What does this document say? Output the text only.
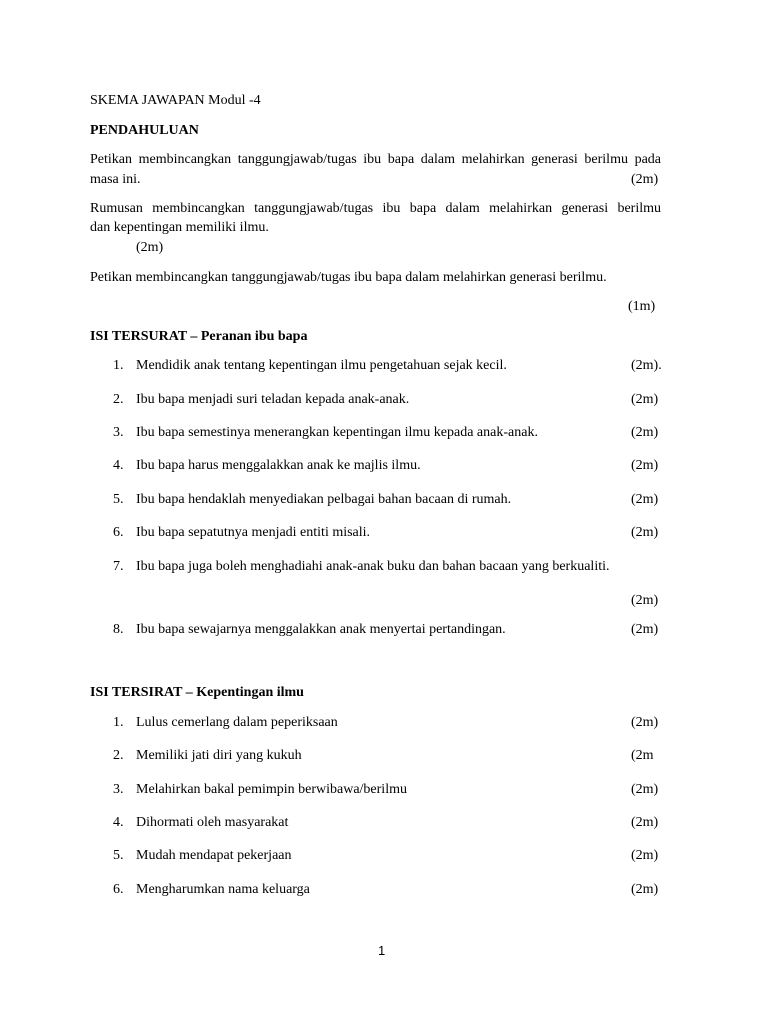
SKEMA JAWAPAN Modul -4
PENDAHULUAN
Petikan membincangkan tanggungjawab/tugas ibu bapa dalam melahirkan generasi berilmu pada
masa ini.	(2m)
Rumusan membincangkan tanggungjawab/tugas ibu bapa dalam melahirkan generasi berilmu
dan kepentingan memiliki ilmu.
(2m)
Petikan membincangkan tanggungjawab/tugas ibu bapa dalam melahirkan generasi berilmu.
(1m)
ISI TERSURAT – Peranan ibu bapa
1. Mendidik anak tentang kepentingan ilmu pengetahuan sejak kecil.	(2m).
2. Ibu bapa menjadi suri teladan kepada anak-anak.	(2m)
3. Ibu bapa semestinya menerangkan kepentingan ilmu kepada anak-anak.	(2m)
4. Ibu bapa harus menggalakkan anak ke majlis ilmu.	(2m)
5. Ibu bapa hendaklah menyediakan pelbagai bahan bacaan di rumah.	(2m)
6. Ibu bapa sepatutnya menjadi entiti misali.	(2m)
7. Ibu bapa juga boleh menghadiahi anak-anak buku dan bahan bacaan yang berkualiti.
(2m)
8. Ibu bapa sewajarnya menggalakkan anak menyertai pertandingan.	(2m)
ISI TERSIRAT – Kepentingan ilmu
1. Lulus cemerlang dalam peperiksaan	(2m)
2. Memiliki jati diri yang kukuh	(2m
3. Melahirkan bakal pemimpin berwibawa/berilmu	(2m)
4. Dihormati oleh masyarakat	(2m)
5. Mudah mendapat pekerjaan	(2m)
6. Mengharumkan nama keluarga	(2m)
1
